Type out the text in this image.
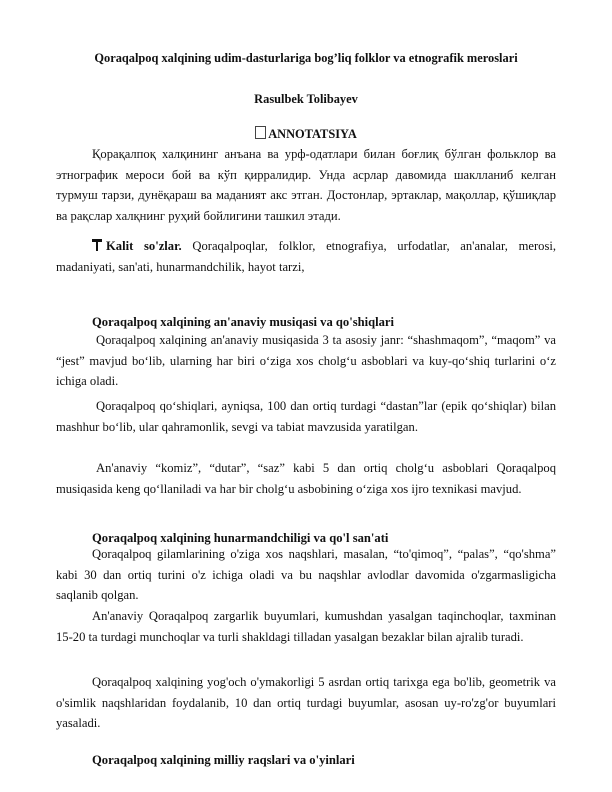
Qoraqalpoq xalqining udim-dasturlariga bog’liq folklor va etnografik meroslari
Rasulbek Tolibayev
ANNOTATSIYA

Қорақалпоқ халқининг анъана ва урф-одатлари билан боғлиқ бўлган фольклор ва этнографик мероси бой ва кўп қирралидир. Унда асрлар давомида шаклланиб келган турмуш тарзи, дунёқараш ва маданият акс этган. Достонлар, эртаклар, мақоллар, қўшиқлар ва рақслар халқнинг руҳий бойлигини ташкил этади.

Kalit so'zlar. Qoraqalpoqlar, folklor, etnografiya, urfodatlar, an'analar, merosi, madaniyati, san'ati, hunarmandchilik, hayot tarzi,

Qoraqalpoq xalqining an'anaviy musiqasi va qo'shiqlari

Qoraqalpoq xalqining an'anaviy musiqasida 3 ta asosiy janr: “shashmaqom”, “maqom” va “jest” mavjud bo‘lib, ularning har biri o‘ziga xos cholg‘u asboblari va kuy-qo‘shiq turlarini o‘z ichiga oladi.

Qoraqalpoq qo‘shiqlari, ayniqsa, 100 dan ortiq turdagi “dastan”lar (epik qo‘shiqlar) bilan mashhur bo‘lib, ular qahramonlik, sevgi va tabiat mavzusida yaratilgan.

An'anaviy “komiz”, “dutar”, “saz” kabi 5 dan ortiq cholg‘u asboblari Qoraqalpoq musiqasida keng qo‘llaniladi va har bir cholg‘u asbobining o‘ziga xos ijro texnikasi mavjud.

Qoraqalpoq xalqining hunarmandchiligi va qo'l san'ati

Qoraqalpoq gilamlarining o'ziga xos naqshlari, masalan, “to'qimoq”, “palas”, “qo'shma” kabi 30 dan ortiq turini o'z ichiga oladi va bu naqshlar avlodlar davomida o'zgarmasligicha saqlanib qolgan.

An'anaviy Qoraqalpoq zargarlik buyumlari, kumushdan yasalgan taqinchoqlar, taxminan 15-20 ta turdagi munchoqlar va turli shakldagi tilladan yasalgan bezaklar bilan ajralib turadi.

Qoraqalpoq xalqining yog'och o'ymakorligi 5 asrdan ortiq tarixga ega bo'lib, geometrik va o'simlik naqshlaridan foydalanib, 10 dan ortiq turdagi buyumlar, asosan uy-ro'zg'or buyumlari yasaladi.

Qoraqalpoq xalqining milliy raqslari va o'yinlari
